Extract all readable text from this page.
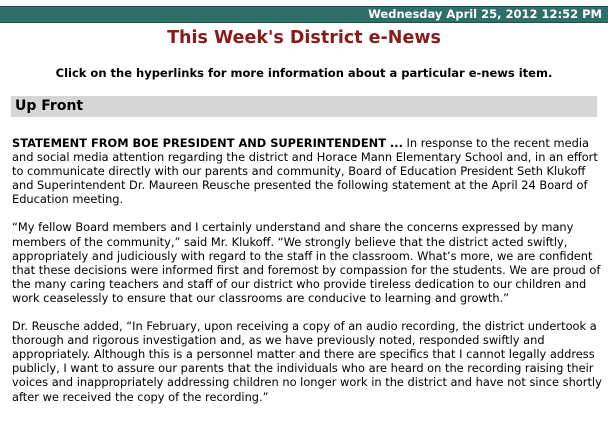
Wednesday April 25, 2012 12:52 PM
This Week's District e-News
Click on the hyperlinks for more information about a particular e-news item.
Up Front

STATEMENT FROM BOE PRESIDENT AND SUPERINTENDENT ... In response to the recent media and social media attention regarding the district and Horace Mann Elementary School and, in an effort to communicate directly with our parents and community, Board of Education President Seth Klukoff and Superintendent Dr. Maureen Reusche presented the following statement at the April 24 Board of Education meeting.

“My fellow Board members and I certainly understand and share the concerns expressed by many members of the community,” said Mr. Klukoff. “We strongly believe that the district acted swiftly, appropriately and judiciously with regard to the staff in the classroom. What’s more, we are confident that these decisions were informed first and foremost by compassion for the students. We are proud of the many caring teachers and staff of our district who provide tireless dedication to our children and work ceaselessly to ensure that our classrooms are conducive to learning and growth.”

Dr. Reusche added, “In February, upon receiving a copy of an audio recording, the district undertook a thorough and rigorous investigation and, as we have previously noted, responded swiftly and appropriately. Although this is a personnel matter and there are specifics that I cannot legally address publicly, I want to assure our parents that the individuals who are heard on the recording raising their voices and inappropriately addressing children no longer work in the district and have not since shortly after we received the copy of the recording.”
